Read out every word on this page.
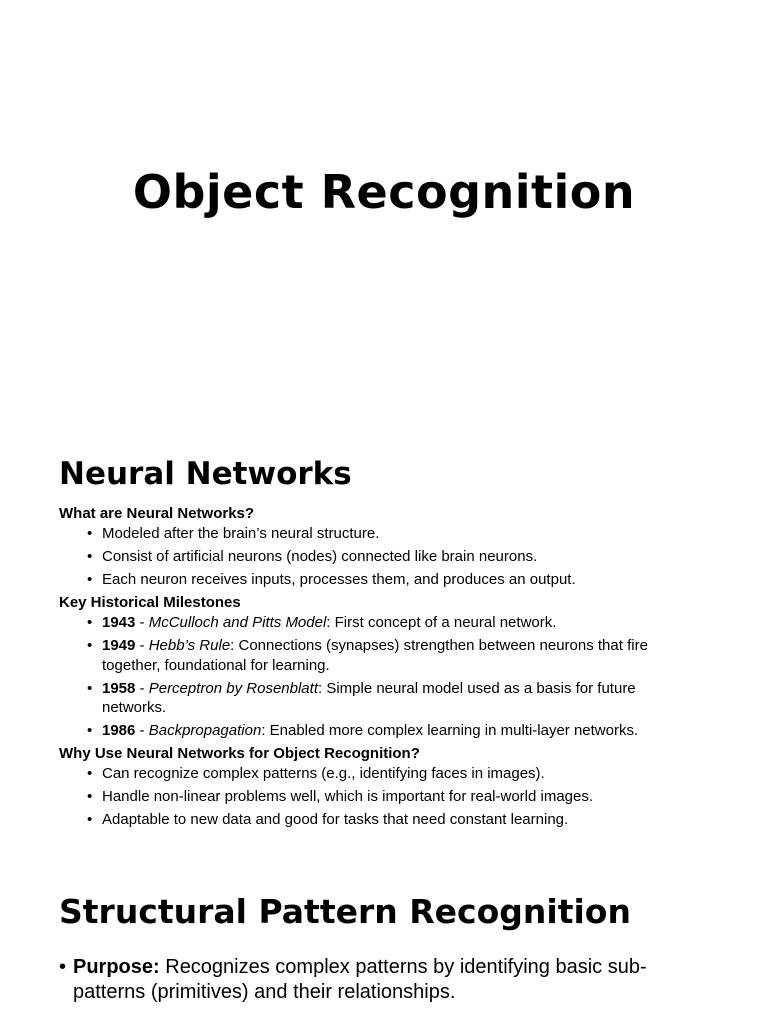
Object Recognition
Neural Networks

What are Neural Networks?

• Modeled after the brain’s neural structure.
• Consist of artificial neurons (nodes) connected like brain neurons.
• Each neuron receives inputs, processes them, and produces an output.

Key Historical Milestones

• 1943 - McCulloch and Pitts Model: First concept of a neural network.
• 1949 - Hebb’s Rule: Connections (synapses) strengthen between neurons that fire together, foundational for learning.
• 1958 - Perceptron by Rosenblatt: Simple neural model used as a basis for future networks.
• 1986 - Backpropagation: Enabled more complex learning in multi-layer networks.

Why Use Neural Networks for Object Recognition?

• Can recognize complex patterns (e.g., identifying faces in images).
• Handle non-linear problems well, which is important for real-world images.
• Adaptable to new data and good for tasks that need constant learning.
Structural Pattern Recognition
• Purpose: Recognizes complex patterns by identifying basic sub-patterns (primitives) and their relationships.
